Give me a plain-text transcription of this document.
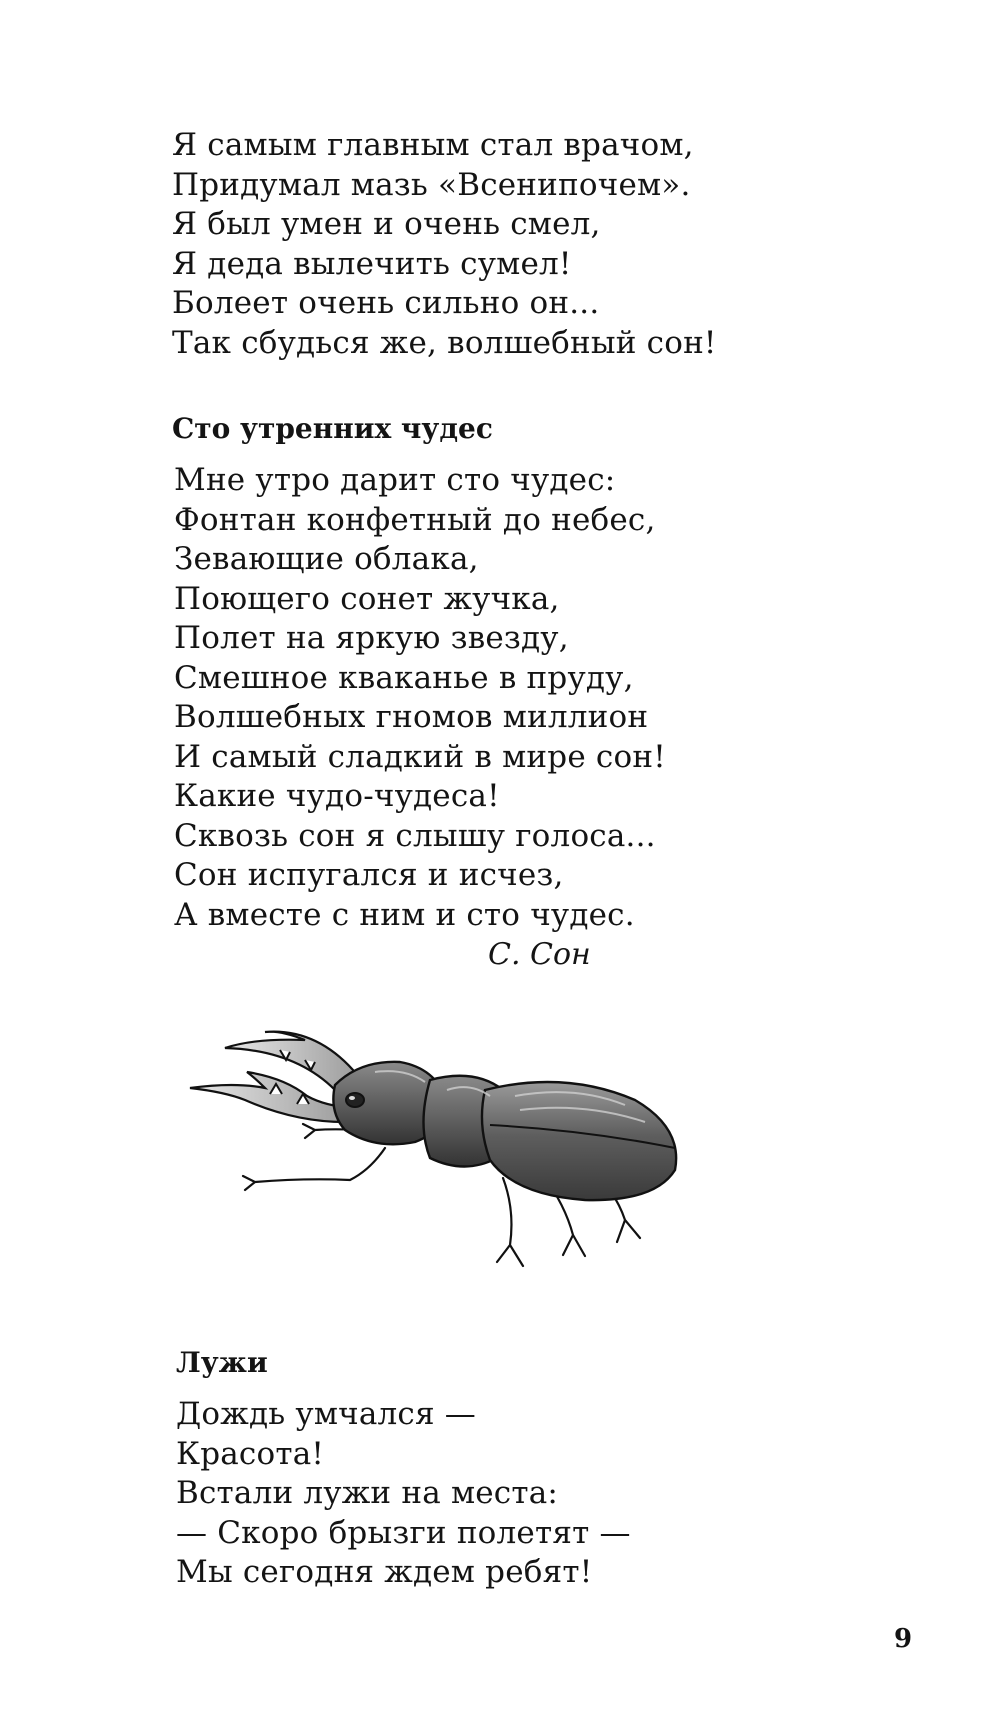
Я самым главным стал врачом,
Придумал мазь «Всенипочем».
Я был умен и очень смел,
Я деда вылечить сумел!
Болеет очень сильно он...
Так сбудься же, волшебный сон!
Сто утренних чудес
Мне утро дарит сто чудес:
Фонтан конфетный до небес,
Зевающие облака,
Поющего сонет жучка,
Полет на яркую звезду,
Смешное кваканье в пруду,
Волшебных гномов миллион
И самый сладкий в мире сон!
Какие чудо-чудеса!
Сквозь сон я слышу голоса...
Сон испугался и исчез,
А вместе с ним и сто чудес.
С. Сон
Лужи
Дождь умчался —
Красота!
Встали лужи на места:
— Скоро брызги полетят —
Мы сегодня ждем ребят!
9
